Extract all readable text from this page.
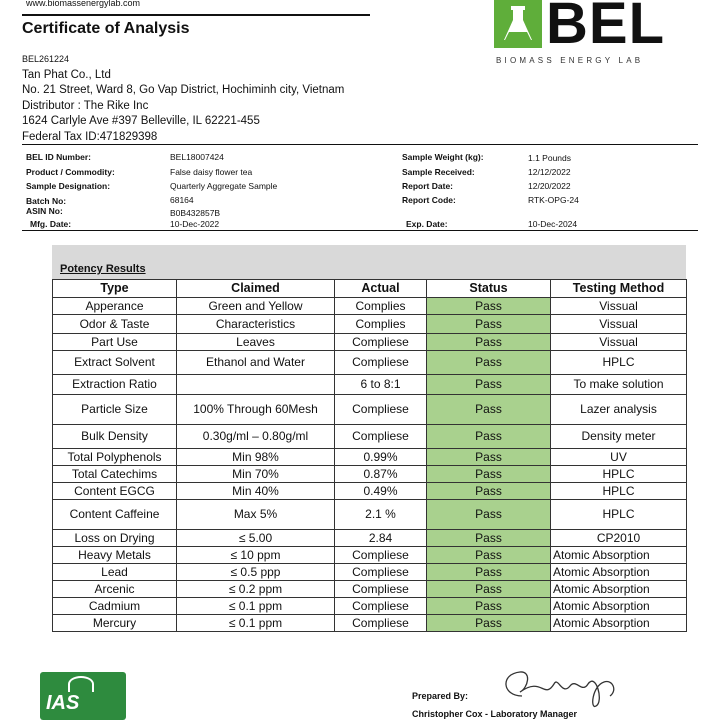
www.biomassenergylab.com
Certificate of Analysis	BEL
BIOMASS ENERGY LAB
BEL261224
Tan Phat Co., Ltd
No. 21 Street, Ward 8, Go Vap District, Hochiminh city, Vietnam
Distributor : The Rike Inc
1624 Carlyle Ave #397 Belleville, IL 62221-455
Federal Tax ID:471829398
BEL ID Number:	BEL18007424
Product / Commodity:	False daisy flower tea
Sample Designation:	Quarterly Aggregate Sample
Batch No:	68164
ASIN No:	B0B432857B
Mfg. Date:	10-Dec-2022
Sample Weight (kg):	1.1 Pounds
Sample Received:	12/12/2022
Report Date:	12/20/2022
Report Code:	RTK-OPG-24
Exp. Date:	10-Dec-2024
Potency Results
Type	Claimed	Actual	Status	Testing Method
Apperance	Green and Yellow	Complies	Pass	Vissual
Odor & Taste	Characteristics	Complies	Pass	Vissual
Part Use	Leaves	Compliese	Pass	Vissual
Extract Solvent	Ethanol and Water	Compliese	Pass	HPLC
Extraction Ratio		6 to 8:1	Pass	To make solution
Particle Size	100% Through 60Mesh	Compliese	Pass	Lazer analysis
Bulk Density	0.30g/ml – 0.80g/ml	Compliese	Pass	Density meter
Total Polyphenols	Min 98%	0.99%	Pass	UV
Total Catechims	Min 70%	0.87%	Pass	HPLC
Content EGCG	Min 40%	0.49%	Pass	HPLC
Content Caffeine	Max 5%	2.1 %	Pass	HPLC
Loss on Drying	≤ 5.00	2.84	Pass	CP2010
Heavy Metals	≤ 10 ppm	Compliese	Pass	Atomic Absorption
Lead	≤ 0.5 ppp	Compliese	Pass	Atomic Absorption
Arcenic	≤ 0.2 ppm	Compliese	Pass	Atomic Absorption
Cadmium	≤ 0.1 ppm	Compliese	Pass	Atomic Absorption
Mercury	≤ 0.1 ppm	Compliese	Pass	Atomic Absorption
IAS	Prepared By:
Christopher Cox - Laboratory Manager
